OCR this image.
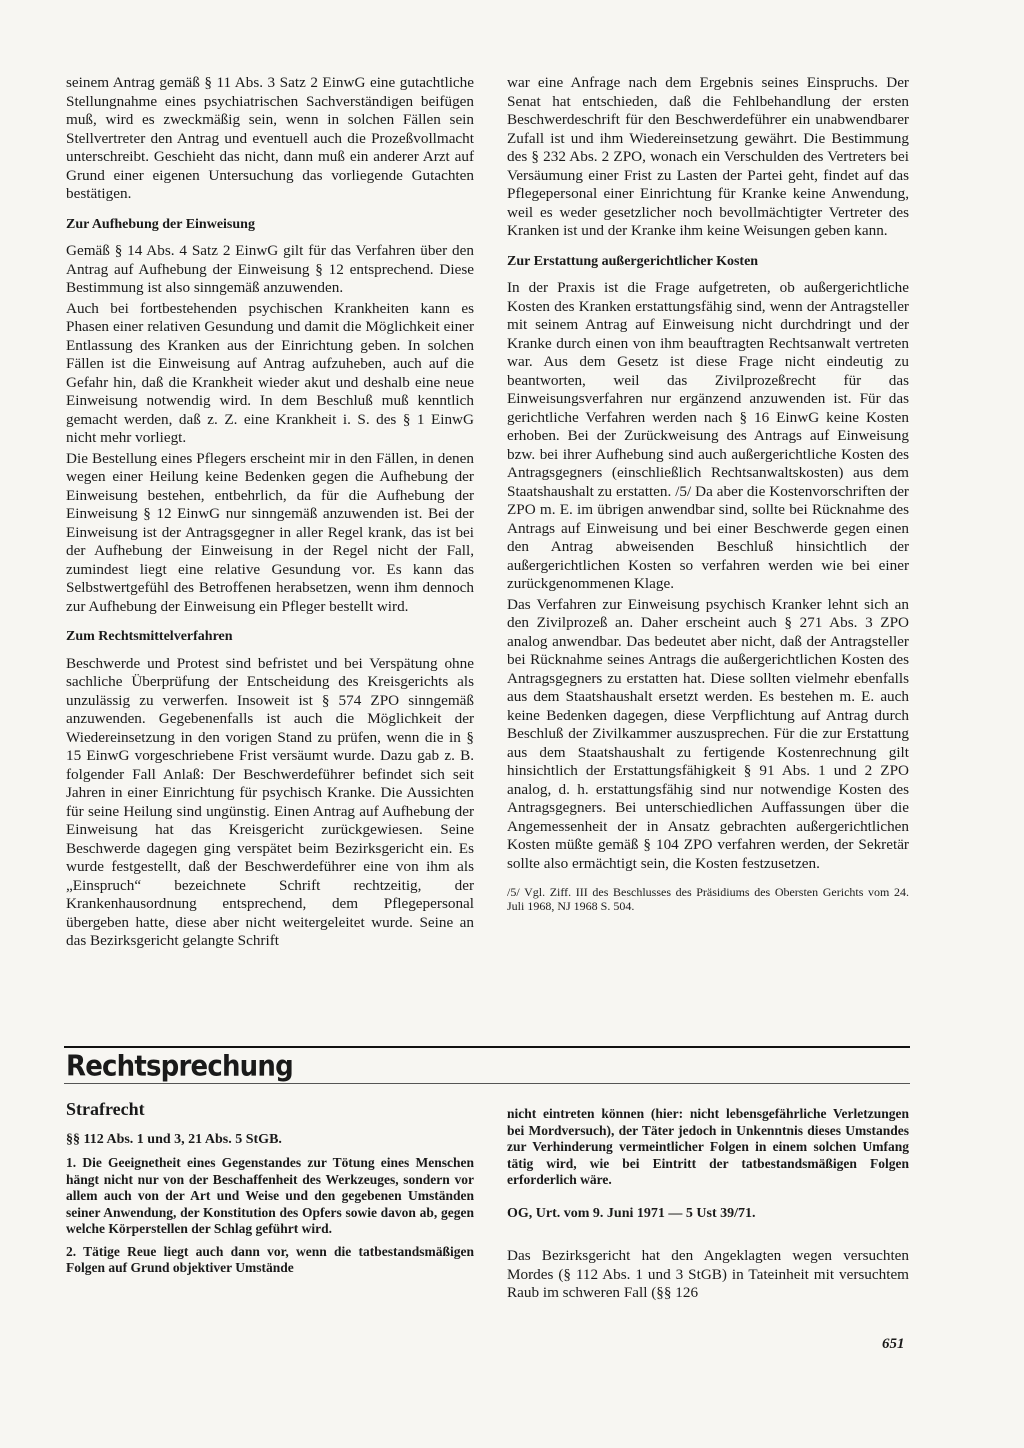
seinem Antrag gemäß § 11 Abs. 3 Satz 2 EinwG eine gutachtliche Stellungnahme eines psychiatrischen Sachverständigen beifügen muß, wird es zweckmäßig sein, wenn in solchen Fällen sein Stellvertreter den Antrag und eventuell auch die Prozeßvollmacht unterschreibt. Geschieht das nicht, dann muß ein anderer Arzt auf Grund einer eigenen Untersuchung das vorliegende Gutachten bestätigen.

Zur Aufhebung der Einweisung

Gemäß § 14 Abs. 4 Satz 2 EinwG gilt für das Verfahren über den Antrag auf Aufhebung der Einweisung § 12 entsprechend. Diese Bestimmung ist also sinngemäß anzuwenden.

Auch bei fortbestehenden psychischen Krankheiten kann es Phasen einer relativen Gesundung und damit die Möglichkeit einer Entlassung des Kranken aus der Einrichtung geben. In solchen Fällen ist die Einweisung auf Antrag aufzuheben, auch auf die Gefahr hin, daß die Krankheit wieder akut und deshalb eine neue Einweisung notwendig wird. In dem Beschluß muß kenntlich gemacht werden, daß z. Z. eine Krankheit i. S. des § 1 EinwG nicht mehr vorliegt.

Die Bestellung eines Pflegers erscheint mir in den Fällen, in denen wegen einer Heilung keine Bedenken gegen die Aufhebung der Einweisung bestehen, entbehrlich, da für die Aufhebung der Einweisung § 12 EinwG nur sinngemäß anzuwenden ist. Bei der Einweisung ist der Antragsgegner in aller Regel krank, das ist bei der Aufhebung der Einweisung in der Regel nicht der Fall, zumindest liegt eine relative Gesundung vor. Es kann das Selbstwertgefühl des Betroffenen herabsetzen, wenn ihm dennoch zur Aufhebung der Einweisung ein Pfleger bestellt wird.

Zum Rechtsmittelverfahren

Beschwerde und Protest sind befristet und bei Verspätung ohne sachliche Überprüfung der Entscheidung des Kreisgerichts als unzulässig zu verwerfen. Insoweit ist § 574 ZPO sinngemäß anzuwenden. Gegebenenfalls ist auch die Möglichkeit der Wiedereinsetzung in den vorigen Stand zu prüfen, wenn die in § 15 EinwG vorgeschriebene Frist versäumt wurde. Dazu gab z. B. folgender Fall Anlaß: Der Beschwerdeführer befindet sich seit Jahren in einer Einrichtung für psychisch Kranke. Die Aussichten für seine Heilung sind ungünstig. Einen Antrag auf Aufhebung der Einweisung hat das Kreisgericht zurückgewiesen. Seine Beschwerde dagegen ging verspätet beim Bezirksgericht ein. Es wurde festgestellt, daß der Beschwerdeführer eine von ihm als „Einspruch“ bezeichnete Schrift rechtzeitig, der Krankenhausordnung entsprechend, dem Pflegepersonal übergeben hatte, diese aber nicht weitergeleitet wurde. Seine an das Bezirksgericht gelangte Schrift

war eine Anfrage nach dem Ergebnis seines Einspruchs. Der Senat hat entschieden, daß die Fehlbehandlung der ersten Beschwerdeschrift für den Beschwerdeführer ein unabwendbarer Zufall ist und ihm Wiedereinsetzung gewährt. Die Bestimmung des § 232 Abs. 2 ZPO, wonach ein Verschulden des Vertreters bei Versäumung einer Frist zu Lasten der Partei geht, findet auf das Pflegepersonal einer Einrichtung für Kranke keine Anwendung, weil es weder gesetzlicher noch bevollmächtigter Vertreter des Kranken ist und der Kranke ihm keine Weisungen geben kann.

Zur Erstattung außergerichtlicher Kosten

In der Praxis ist die Frage aufgetreten, ob außergerichtliche Kosten des Kranken erstattungsfähig sind, wenn der Antragsteller mit seinem Antrag auf Einweisung nicht durchdringt und der Kranke durch einen von ihm beauftragten Rechtsanwalt vertreten war. Aus dem Gesetz ist diese Frage nicht eindeutig zu beantworten, weil das Zivilprozeßrecht für das Einweisungsverfahren nur ergänzend anzuwenden ist. Für das gerichtliche Verfahren werden nach § 16 EinwG keine Kosten erhoben. Bei der Zurückweisung des Antrags auf Einweisung bzw. bei ihrer Aufhebung sind auch außergerichtliche Kosten des Antragsgegners (einschließlich Rechtsanwaltskosten) aus dem Staatshaushalt zu erstatten. /5/ Da aber die Kostenvorschriften der ZPO m. E. im übrigen anwendbar sind, sollte bei Rücknahme des Antrags auf Einweisung und bei einer Beschwerde gegen einen den Antrag abweisenden Beschluß hinsichtlich der außergerichtlichen Kosten so verfahren werden wie bei einer zurückgenommenen Klage.

Das Verfahren zur Einweisung psychisch Kranker lehnt sich an den Zivilprozeß an. Daher erscheint auch § 271 Abs. 3 ZPO analog anwendbar. Das bedeutet aber nicht, daß der Antragsteller bei Rücknahme seines Antrags die außergerichtlichen Kosten des Antragsgegners zu erstatten hat. Diese sollten vielmehr ebenfalls aus dem Staatshaushalt ersetzt werden. Es bestehen m. E. auch keine Bedenken dagegen, diese Verpflichtung auf Antrag durch Beschluß der Zivilkammer auszusprechen. Für die zur Erstattung aus dem Staatshaushalt zu fertigende Kostenrechnung gilt hinsichtlich der Erstattungsfähigkeit § 91 Abs. 1 und 2 ZPO analog, d. h. erstattungsfähig sind nur notwendige Kosten des Antragsgegners. Bei unterschiedlichen Auffassungen über die Angemessenheit der in Ansatz gebrachten außergerichtlichen Kosten müßte gemäß § 104 ZPO verfahren werden, der Sekretär sollte also ermächtigt sein, die Kosten festzusetzen.

/5/ Vgl. Ziff. III des Beschlusses des Präsidiums des Obersten Gerichts vom 24. Juli 1968, NJ 1968 S. 504.

Rechtsprechung
Strafrecht

§§ 112 Abs. 1 und 3, 21 Abs. 5 StGB.

1. Die Geeignetheit eines Gegenstandes zur Tötung eines Menschen hängt nicht nur von der Beschaffenheit des Werkzeuges, sondern vor allem auch von der Art und Weise und den gegebenen Umständen seiner Anwendung, der Konstitution des Opfers sowie davon ab, gegen welche Körperstellen der Schlag geführt wird.

2. Tätige Reue liegt auch dann vor, wenn die tatbestandsmäßigen Folgen auf Grund objektiver Umstände

nicht eintreten können (hier: nicht lebensgefährliche Verletzungen bei Mordversuch), der Täter jedoch in Unkenntnis dieses Umstandes zur Verhinderung vermeintlicher Folgen in einem solchen Umfang tätig wird, wie bei Eintritt der tatbestandsmäßigen Folgen erforderlich wäre.

OG, Urt. vom 9. Juni 1971 — 5 Ust 39/71.

Das Bezirksgericht hat den Angeklagten wegen versuchten Mordes (§ 112 Abs. 1 und 3 StGB) in Tateinheit mit versuchtem Raub im schweren Fall (§§ 126

651
